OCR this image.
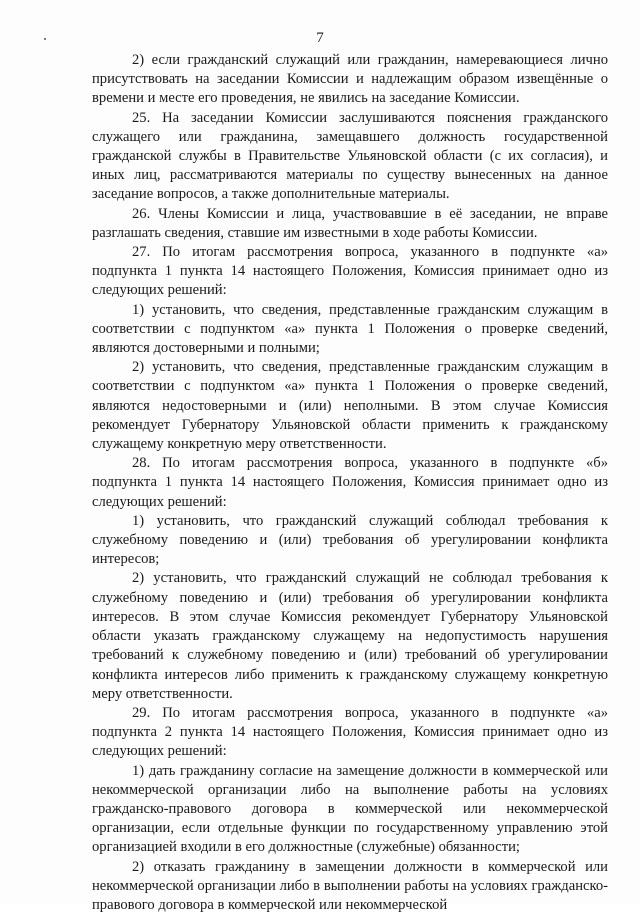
7

2) если гражданский служащий или гражданин, намеревающиеся лично присутствовать на заседании Комиссии и надлежащим образом извещённые о времени и месте его проведения, не явились на заседание Комиссии.

25. На заседании Комиссии заслушиваются пояснения гражданского служащего или гражданина, замещавшего должность государственной гражданской службы в Правительстве Ульяновской области (с их согласия), и иных лиц, рассматриваются материалы по существу вынесенных на данное заседание вопросов, а также дополнительные материалы.

26. Члены Комиссии и лица, участвовавшие в её заседании, не вправе разглашать сведения, ставшие им известными в ходе работы Комиссии.

27. По итогам рассмотрения вопроса, указанного в подпункте «а» подпункта 1 пункта 14 настоящего Положения, Комиссия принимает одно из следующих решений:

1) установить, что сведения, представленные гражданским служащим в соответствии с подпунктом «а» пункта 1 Положения о проверке сведений, являются достоверными и полными;

2) установить, что сведения, представленные гражданским служащим в соответствии с подпунктом «а» пункта 1 Положения о проверке сведений, являются недостоверными и (или) неполными. В этом случае Комиссия рекомендует Губернатору Ульяновской области применить к гражданскому служащему конкретную меру ответственности.

28. По итогам рассмотрения вопроса, указанного в подпункте «б» подпункта 1 пункта 14 настоящего Положения, Комиссия принимает одно из следующих решений:

1) установить, что гражданский служащий соблюдал требования к служебному поведению и (или) требования об урегулировании конфликта интересов;

2) установить, что гражданский служащий не соблюдал требования к служебному поведению и (или) требования об урегулировании конфликта интересов. В этом случае Комиссия рекомендует Губернатору Ульяновской области указать гражданскому служащему на недопустимость нарушения требований к служебному поведению и (или) требований об урегулировании конфликта интересов либо применить к гражданскому служащему конкретную меру ответственности.

29. По итогам рассмотрения вопроса, указанного в подпункте «а» подпункта 2 пункта 14 настоящего Положения, Комиссия принимает одно из следующих решений:

1) дать гражданину согласие на замещение должности в коммерческой или некоммерческой организации либо на выполнение работы на условиях гражданско-правового договора в коммерческой или некоммерческой организации, если отдельные функции по государственному управлению этой организацией входили в его должностные (служебные) обязанности;

2) отказать гражданину в замещении должности в коммерческой или некоммерческой организации либо в выполнении работы на условиях гражданско-правового договора в коммерческой или некоммерческой
